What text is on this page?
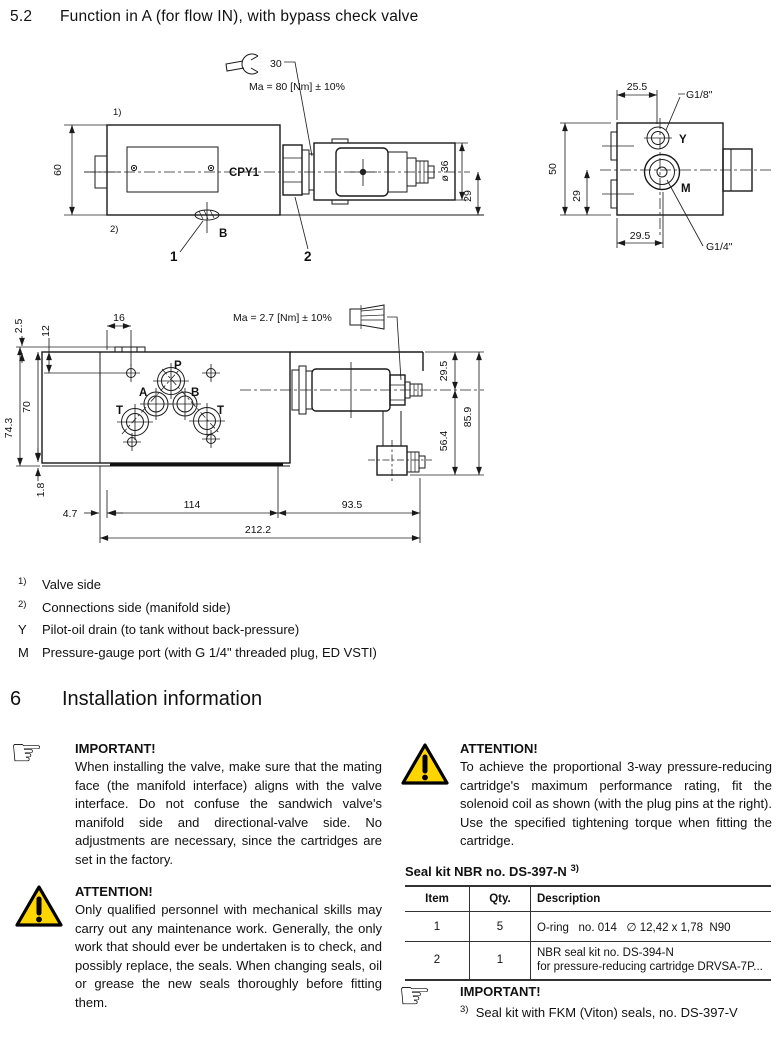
5.2 Function in A (for flow IN), with bypass check valve
30
Ma = 80 [Nm] ± 10%
1)
2)
CPY1
60
B
1	2
ø 36
29
Y
M
25.5
G1/8"
50
29
29.5
G1/4"
Ma = 2.7 [Nm] ± 10%
P
A	B
T	T
74.3
70
1.8
2.5 12
16
29.5
56.4
85.9
4.7
114	93.5
212.2
$^{1)}$	Valve side
$^{2)}$	Connections side (manifold side)
Y	Pilot-oil drain (to tank without back-pressure)
M	Pressure-gauge port (with G 1/4" threaded plug, ED VSTI)
6 Installation information
☞ IMPORTANT!
When installing the valve, make sure that the mating face (the manifold interface) aligns with the valve interface. Do not confuse the sandwich valve's manifold side and directional-valve side. No adjustments are necessary, since the cartridges are set in the factory.
ATTENTION!
Only qualified personnel with mechanical skills may carry out any maintenance work. Generally, the only work that should ever be undertaken is to check, and possibly replace, the seals. When changing seals, oil or grease the new seals thoroughly before fitting them.
ATTENTION!
To achieve the proportional 3-way pressure-reducing cartridge's maximum performance rating, fit the solenoid coil as shown (with the plug pins at the right). Use the specified tightening torque when fitting the cartridge.
Seal kit NBR no. DS-397-N $^{3)}$
Item	Qty.	Description
1	5	O-ring   no. 014   ∅ 12,42 x 1,78  N90
2	1	NBR seal kit no. DS-394-N
for pressure-reducing cartridge DRVSA-7P...
☞ IMPORTANT!
$^{3)}$ Seal kit with FKM (Viton) seals, no. DS-397-V
